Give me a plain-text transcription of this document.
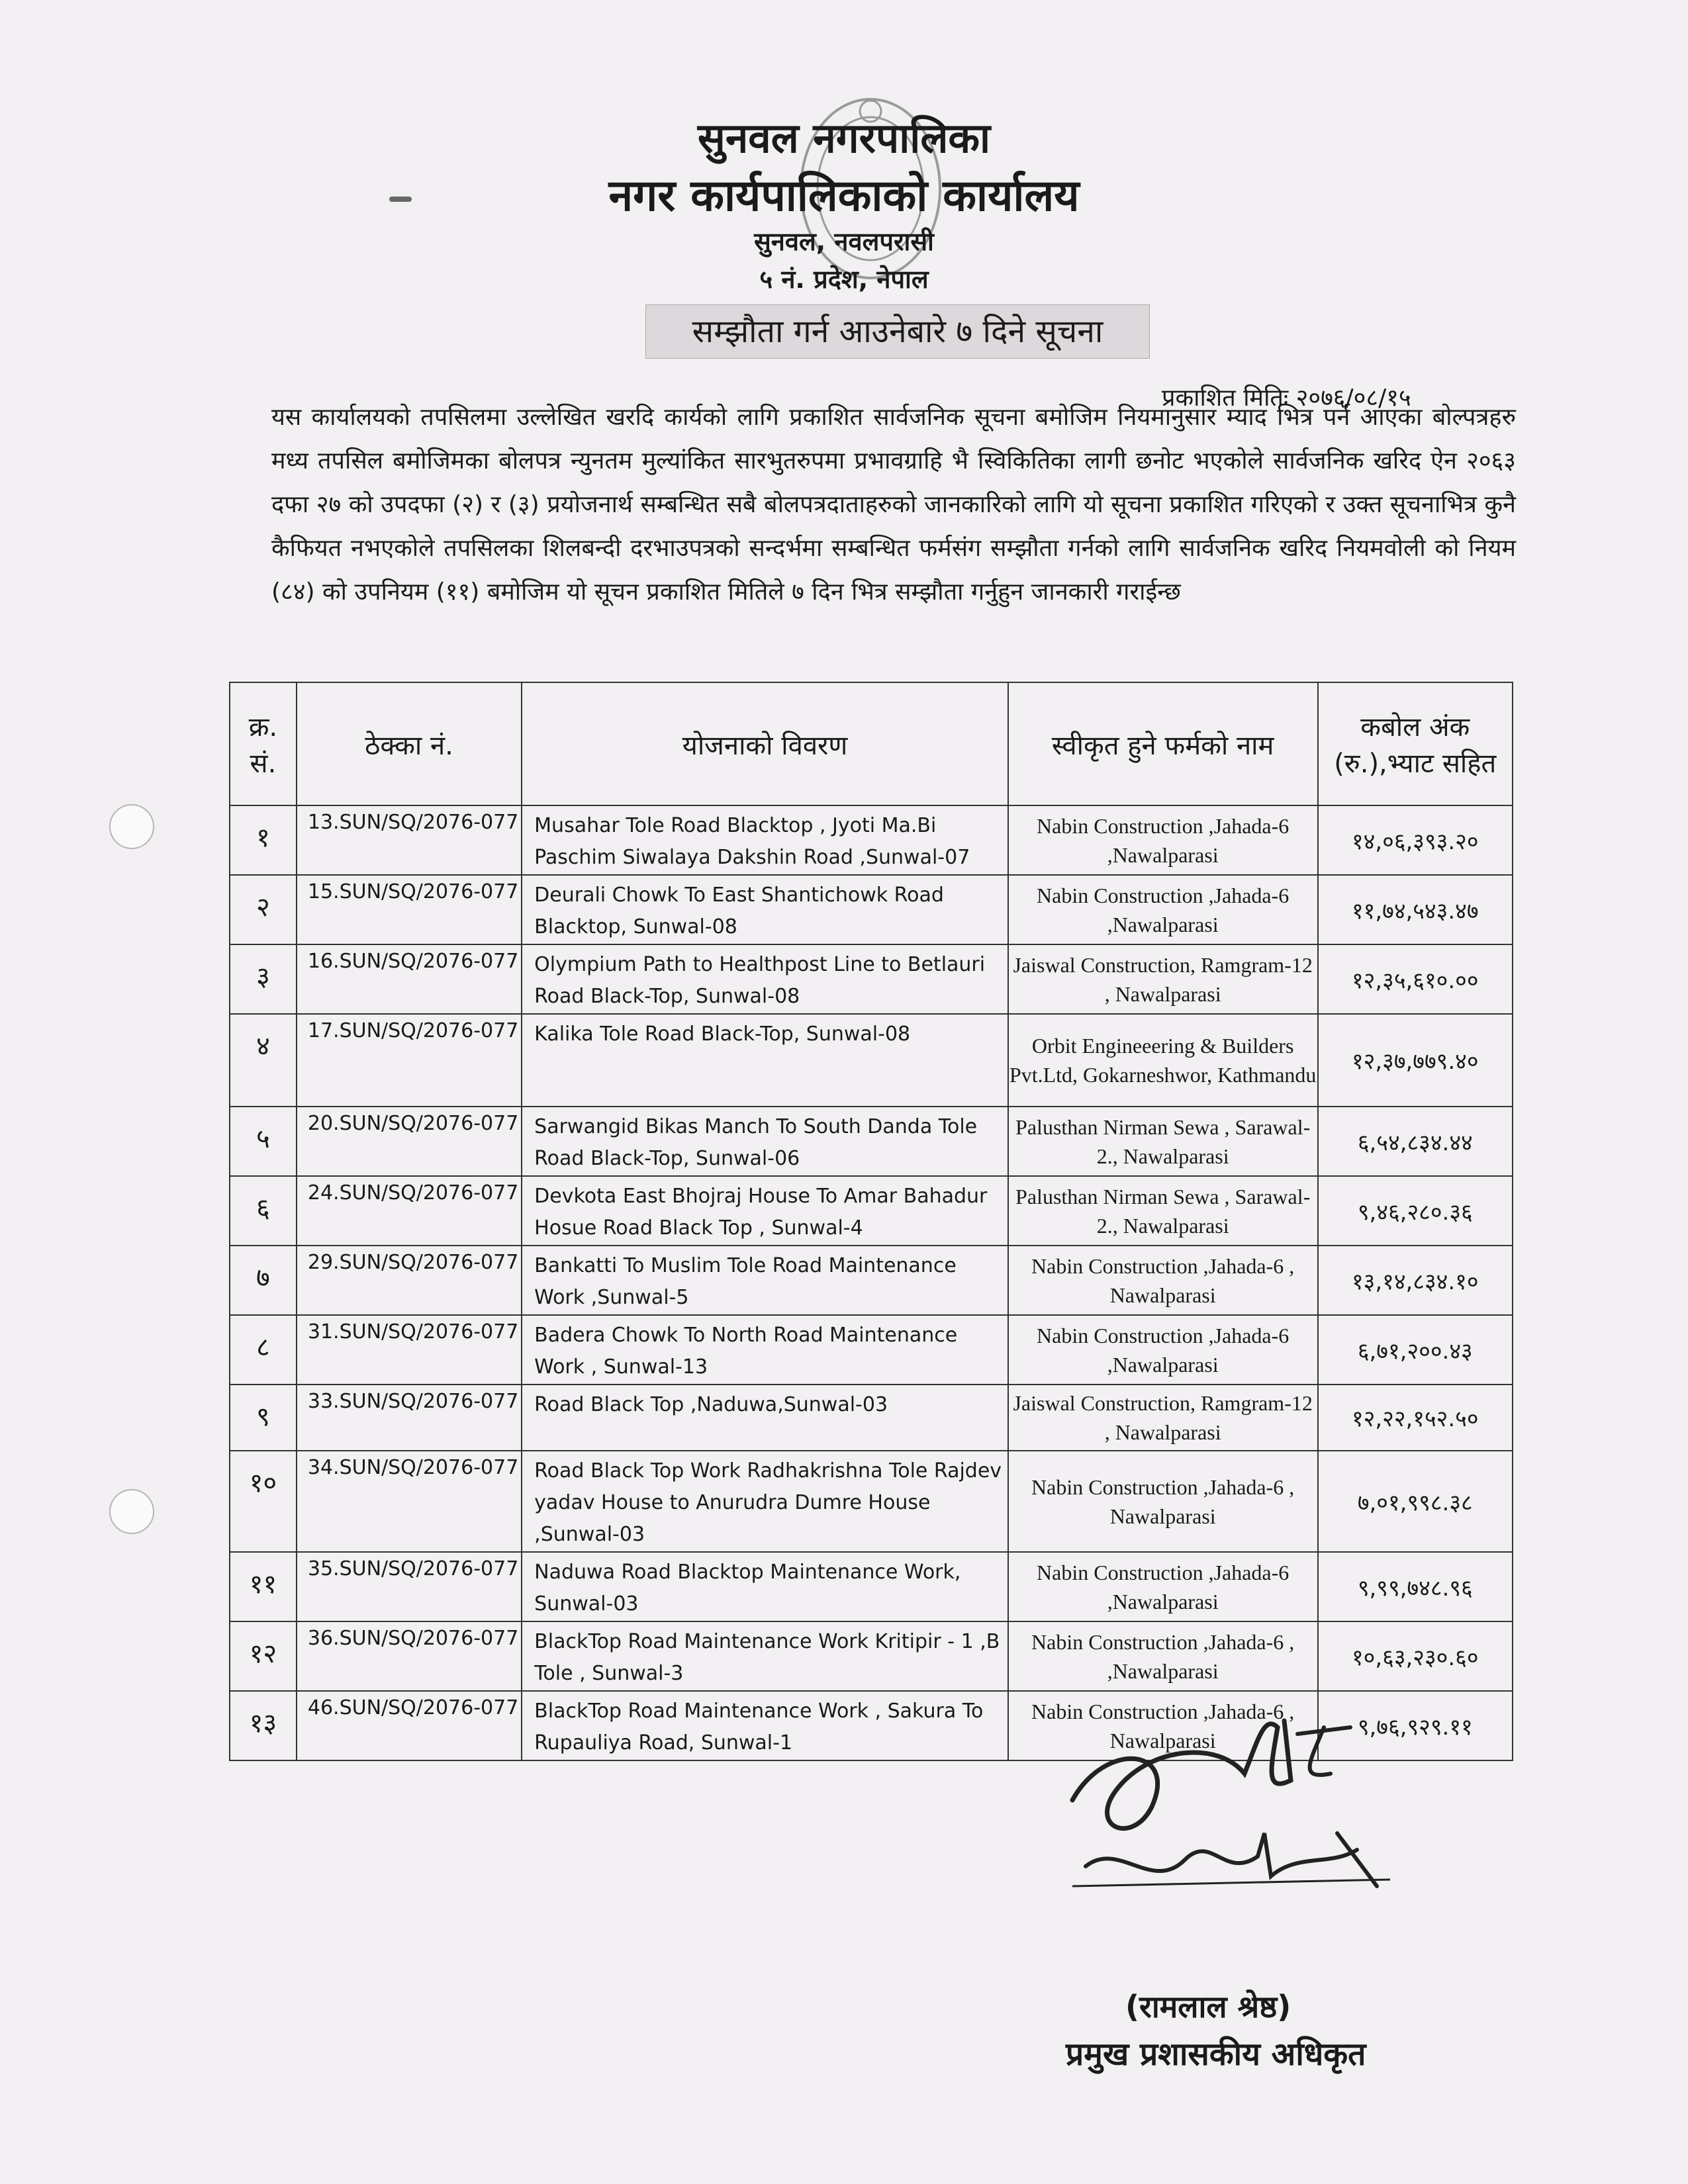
सुनवल नगरपालिका
नगर कार्यपालिकाको कार्यालय
सुनवल, नवलपरासी
५ नं. प्रदेश, नेपाल
सम्झौता गर्न आउनेबारे ७ दिने सूचना
प्रकाशित मितिः २०७६/०८/१५
यस कार्यालयको तपसिलमा उल्लेखित खरदि कार्यको लागि प्रकाशित सार्वजनिक सूचना बमोजिम नियमानुसार म्याद भित्र पर्न आएका बोल्पत्रहरु मध्य तपसिल बमोजिमका बोलपत्र न्युनतम मुल्यांकित सारभुतरुपमा प्रभावग्राहि भै स्विकितिका लागी छनोट भएकोले सार्वजनिक खरिद ऐन २०६३ दफा २७ को उपदफा (२) र (३) प्रयोजनार्थ सम्बन्धित सबै बोलपत्रदाताहरुको जानकारिको लागि यो सूचना प्रकाशित गरिएको र उक्त सूचनाभित्र कुनै कैफियत नभएकोले तपसिलका शिलबन्दी दरभाउपत्रको सन्दर्भमा सम्बन्धित फर्मसंग सम्झौता गर्नको लागि सार्वजनिक खरिद नियमवोली को नियम (८४) को उपनियम (११) बमोजिम यो सूचन प्रकाशित मितिले ७ दिन भित्र सम्झौता गर्नुहुन जानकारी गराईन्छ
क्र. सं.	ठेक्का नं.	योजनाको विवरण	स्वीकृत हुने फर्मको नाम	कबोल अंक (रु.),भ्याट सहित
१	13.SUN/SQ/2076-077	Musahar Tole Road Blacktop , Jyoti Ma.Bi Paschim Siwalaya Dakshin Road ,Sunwal-07	Nabin Construction ,Jahada-6 ,Nawalparasi	१४,०६,३९३.२०
२	15.SUN/SQ/2076-077	Deurali Chowk To East Shantichowk Road Blacktop, Sunwal-08	Nabin Construction ,Jahada-6 ,Nawalparasi	११,७४,५४३.४७
३	16.SUN/SQ/2076-077	Olympium Path to Healthpost Line to Betlauri Road Black-Top, Sunwal-08	Jaiswal Construction, Ramgram-12 , Nawalparasi	१२,३५,६१०.००
४	17.SUN/SQ/2076-077	Kalika Tole Road Black-Top, Sunwal-08	Orbit Engineeering & Builders Pvt.Ltd, Gokarneshwor, Kathmandu	१२,३७,७७९.४०
५	20.SUN/SQ/2076-077	Sarwangid Bikas Manch To South Danda Tole Road Black-Top, Sunwal-06	Palusthan Nirman Sewa , Sarawal-2., Nawalparasi	६,५४,८३४.४४
६	24.SUN/SQ/2076-077	Devkota East Bhojraj House To Amar Bahadur Hosue Road Black Top , Sunwal-4	Palusthan Nirman Sewa , Sarawal-2., Nawalparasi	९,४६,२८०.३६
७	29.SUN/SQ/2076-077	Bankatti To Muslim Tole Road Maintenance Work ,Sunwal-5	Nabin Construction ,Jahada-6 , Nawalparasi	१३,१४,८३४.१०
८	31.SUN/SQ/2076-077	Badera Chowk To North Road Maintenance Work , Sunwal-13	Nabin Construction ,Jahada-6 ,Nawalparasi	६,७१,२००.४३
९	33.SUN/SQ/2076-077	Road Black Top ,Naduwa,Sunwal-03	Jaiswal Construction, Ramgram-12 , Nawalparasi	१२,२२,१५२.५०
१०	34.SUN/SQ/2076-077	Road Black Top Work Radhakrishna Tole Rajdev yadav House to Anurudra Dumre House ,Sunwal-03	Nabin Construction ,Jahada-6 , Nawalparasi	७,०१,९९८.३८
११	35.SUN/SQ/2076-077	Naduwa Road Blacktop Maintenance Work, Sunwal-03	Nabin Construction ,Jahada-6 ,Nawalparasi	९,९९,७४८.९६
१२	36.SUN/SQ/2076-077	BlackTop Road Maintenance Work Kritipir - 1 ,B Tole , Sunwal-3	Nabin Construction ,Jahada-6 , ,Nawalparasi	१०,६३,२३०.६०
१३	46.SUN/SQ/2076-077	BlackTop Road Maintenance Work , Sakura To Rupauliya Road, Sunwal-1	Nabin Construction ,Jahada-6 , Nawalparasi	९,७६,९२९.११
(रामलाल श्रेष्ठ)
प्रमुख प्रशासकीय अधिकृत
